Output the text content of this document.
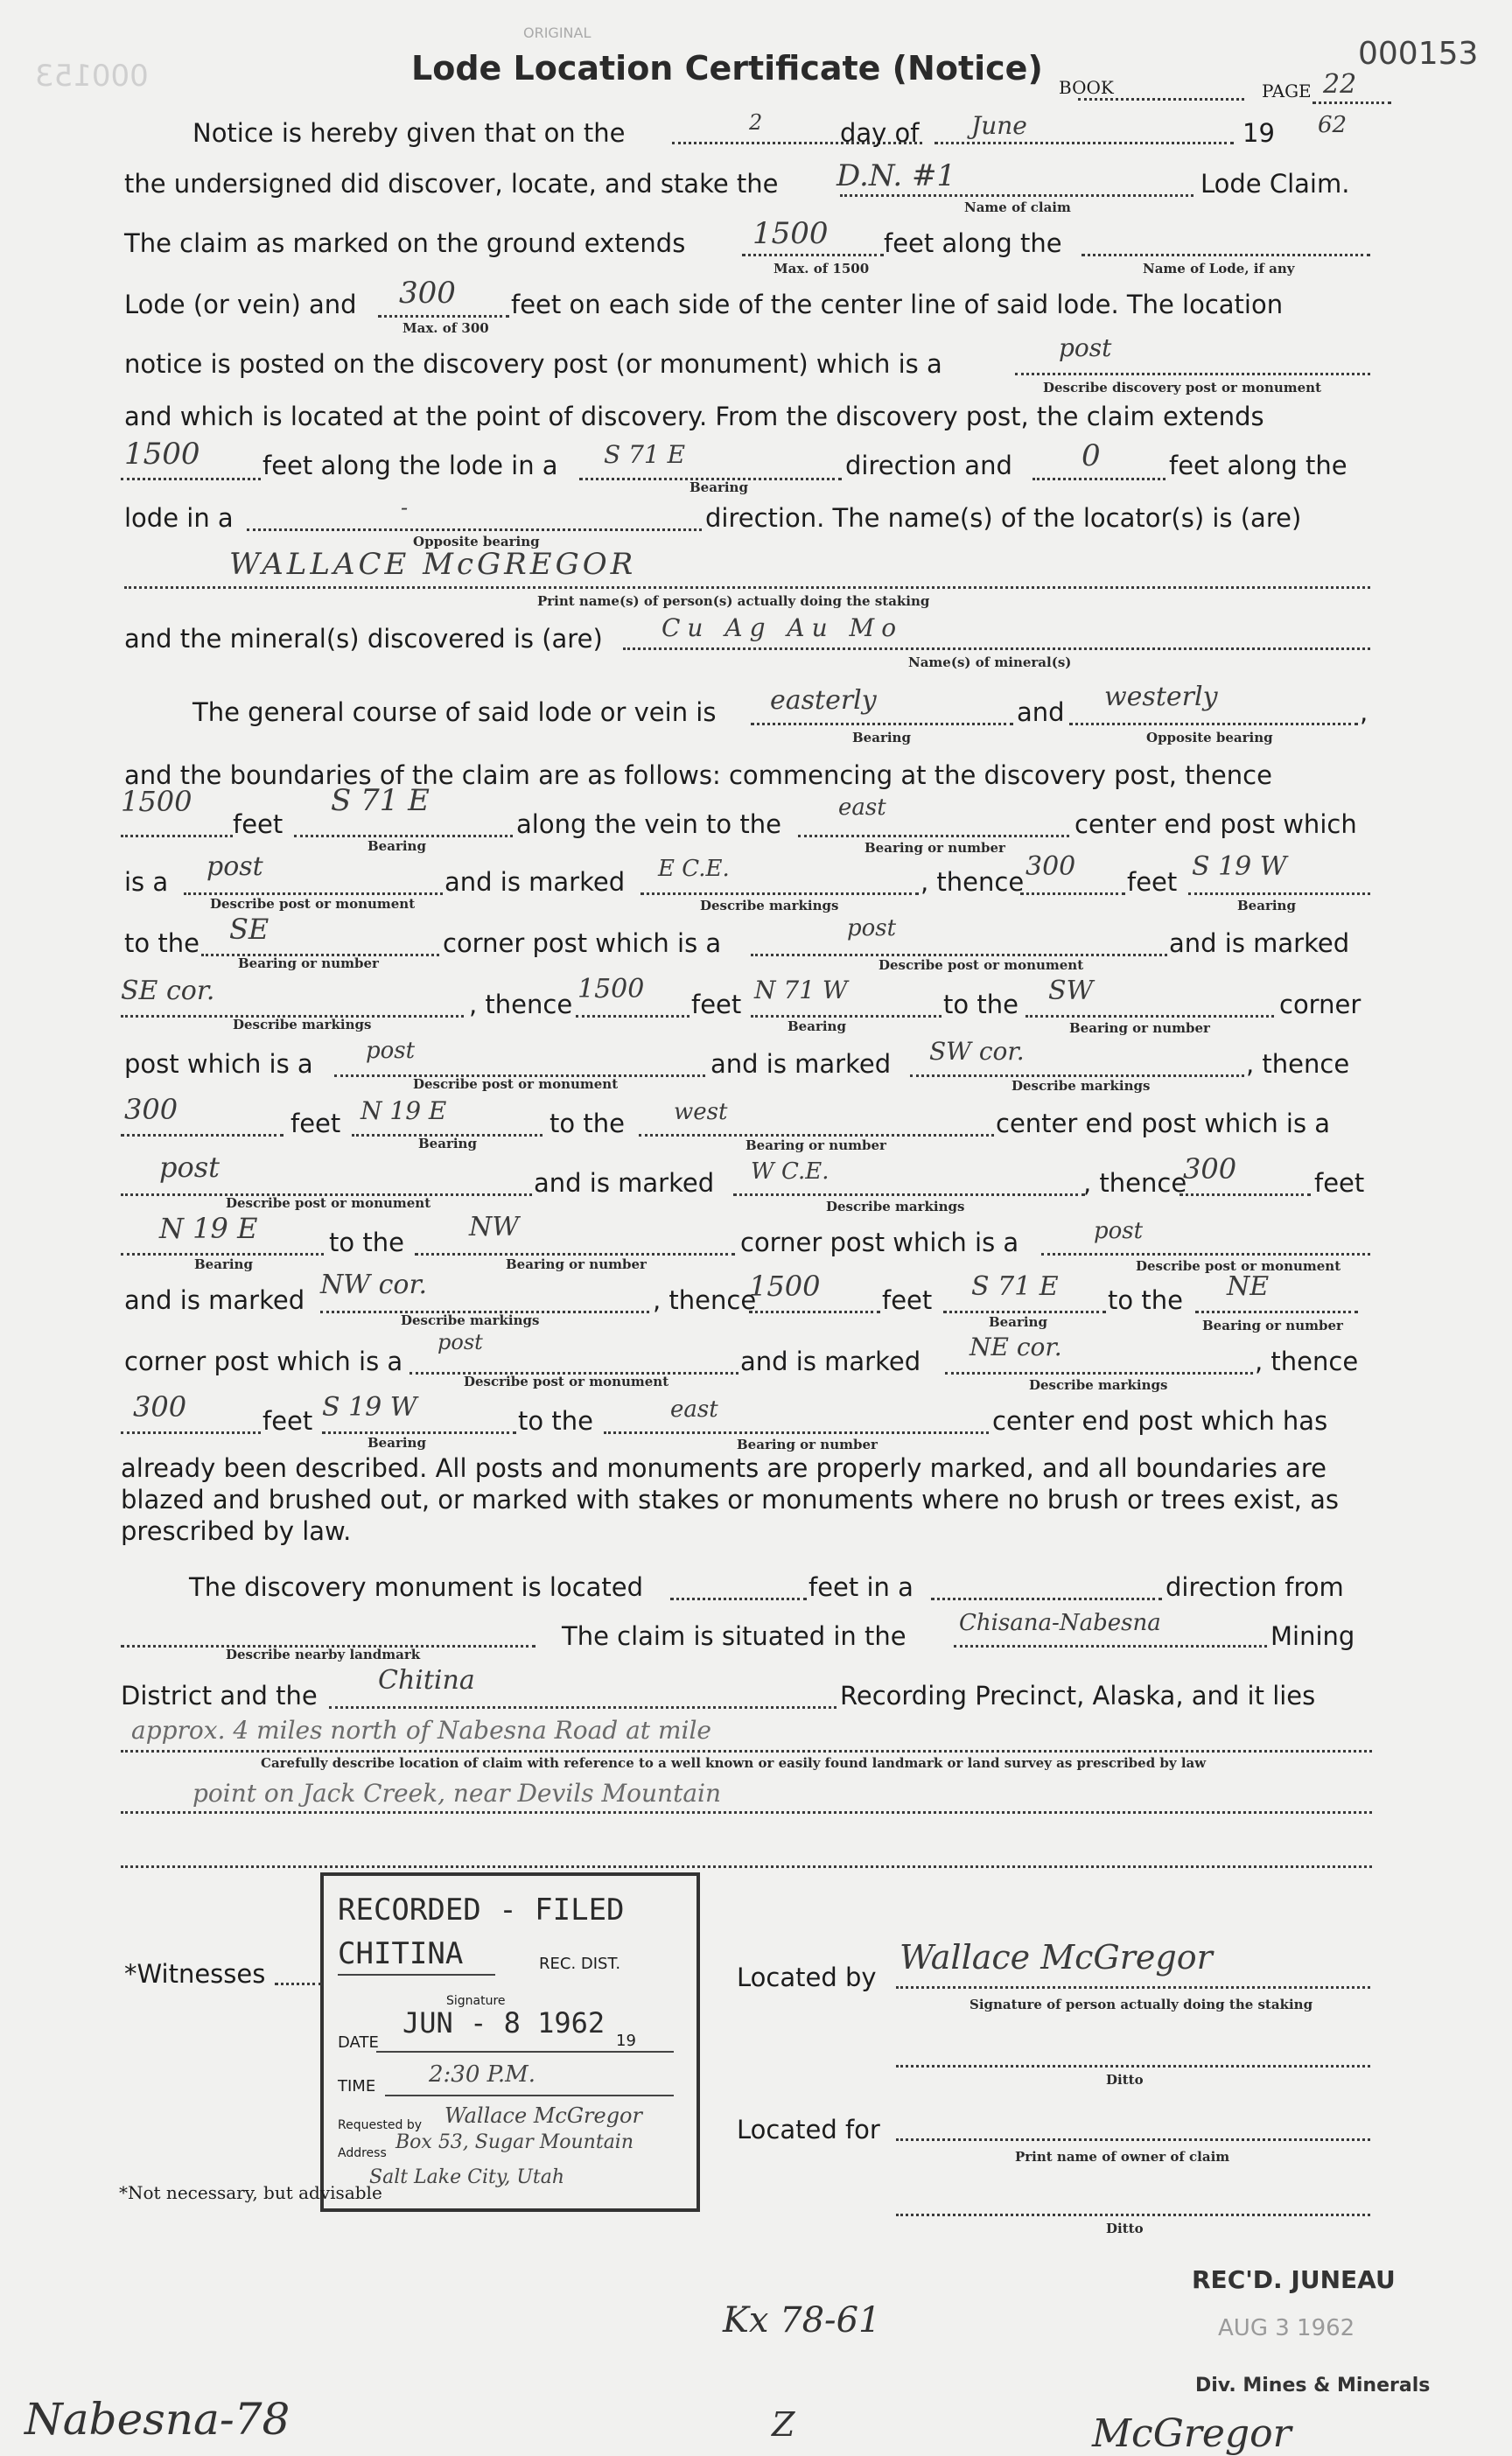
ORIGINAL
Lode Location Certificate (Notice)
000153
000153
BOOK	PAGE 22
Notice is hereby given that on the	2	day of June	19 62
the undersigned did discover, locate, and stake the D.N. #1
Name of claim
Lode Claim.
The claim as marked on the ground extends 1500
Max. of 1500
feet along the
Name of Lode, if any
Lode (or vein) and 300
Max. of 300
feet on each side of the center line of said lode. The location
notice is posted on the discovery post (or monument) which is a
post
Describe discovery post or monument
and which is located at the point of discovery. From the discovery post, the claim extends
1500 feet along the lode in a S 71 E
Bearing
direction and 0	feet along the
lode in a	-
Opposite bearing
direction. The name(s) of the locator(s) is (are)
WALLACE McGREGOR
Print name(s) of person(s) actually doing the staking
and the mineral(s) discovered is (are) Cu Ag Au Mo
Name(s) of mineral(s)
The general course of said lode or vein is easterly
Bearing
and westerly
Opposite bearing
,
and the boundaries of the claim are as follows: commencing at the discovery post, thence
1500
feet
S 71 E
Bearing
along the vein to the
east
Bearing or number
center end post which
is a post
Describe post or monument
and is marked E C.E.
Describe markings
, thence 300 feet S 19 W
Bearing
to the SE
Bearing or number
corner post which is a	post
Describe post or monument
and is marked
SE cor.
Describe markings
, thence 1500 feet N 71 W
Bearing
to the SW
Bearing or number
corner
post which is a post
Describe post or monument
and is marked SW cor.
Describe markings
, thence
300	feet N 19 E
Bearing
to the west
Bearing or number
center end post which is a
post
Describe post or monument
and is marked W C.E.
Describe markings
, thence
300	feet
N 19 E
Bearing
to the NW
Bearing or number
corner post which is a	post
Describe post or monument
and is marked NW cor.
Describe markings
, thence
1500 feet S 71 E
Bearing
to the NE
Bearing or number
corner post which is a
post
Describe post or monument
and is marked NE cor.
Describe markings
, thence
300	feet S 19 W
Bearing
to the	east
Bearing or number
center end post which has
already been described. All posts and monuments are properly marked, and all boundaries are blazed and brushed out, or marked with stakes or monuments where no brush or trees exist, as prescribed by law.
The discovery monument is located	feet in a	direction from
Describe nearby landmark
The claim is situated in the Chisana-Nabesna	Mining
District and the Chitina	Recording Precinct, Alaska, and it lies
approx. 4 miles north of Nabesna Road at mile
Carefully describe location of claim with reference to a well known or easily found landmark or land survey as prescribed by law
point on Jack Creek, near Devils Mountain
RECORDED - FILED
CHITINA	REC. DIST.
Signature
DATE
JUN - 8 1962
19
TIME 2:30 P.M.
Requested by Wallace McGregor
Address Box 53, Sugar Mountain
Salt Lake City, Utah
*Witnesses	Located by
Wallace McGregor
Signature of person actually doing the staking
Ditto
Located for
Print name of owner of claim
Ditto
*Not necessary, but advisable
REC'D. JUNEAU
AUG 3 1962
Div. Mines & Minerals
Kx 78-61
Nabesna-78	Z	McGregor
